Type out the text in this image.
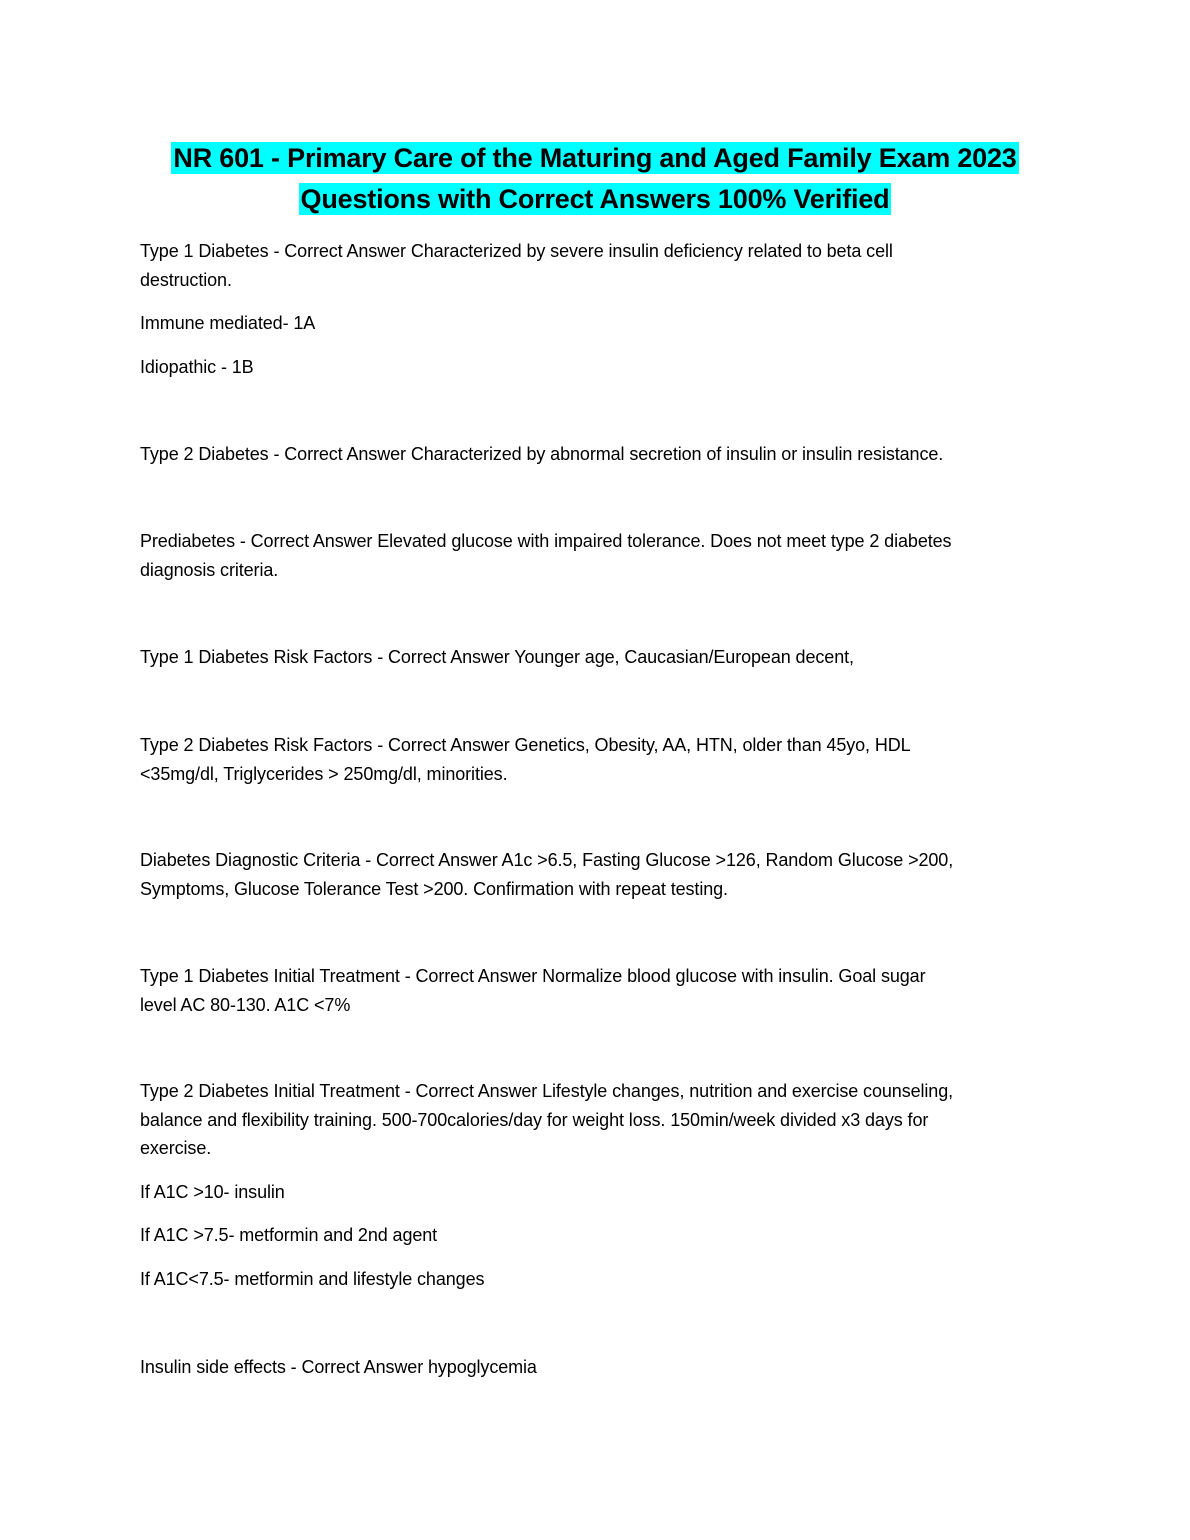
NR 601 - Primary Care of the Maturing and Aged Family Exam 2023
Questions with Correct Answers 100% Verified
Type 1 Diabetes - Correct Answer Characterized by severe insulin deficiency related to beta cell
destruction.
Immune mediated- 1A
Idiopathic - 1B
Type 2 Diabetes - Correct Answer Characterized by abnormal secretion of insulin or insulin resistance.
Prediabetes - Correct Answer Elevated glucose with impaired tolerance. Does not meet type 2 diabetes
diagnosis criteria.
Type 1 Diabetes Risk Factors - Correct Answer Younger age, Caucasian/European decent,
Type 2 Diabetes Risk Factors - Correct Answer Genetics, Obesity, AA, HTN, older than 45yo, HDL
<35mg/dl, Triglycerides > 250mg/dl, minorities.
Diabetes Diagnostic Criteria - Correct Answer A1c >6.5, Fasting Glucose >126, Random Glucose >200,
Symptoms, Glucose Tolerance Test >200. Confirmation with repeat testing.
Type 1 Diabetes Initial Treatment - Correct Answer Normalize blood glucose with insulin. Goal sugar
level AC 80-130. A1C <7%
Type 2 Diabetes Initial Treatment - Correct Answer Lifestyle changes, nutrition and exercise counseling,
balance and flexibility training. 500-700calories/day for weight loss. 150min/week divided x3 days for
exercise.
If A1C >10- insulin
If A1C >7.5- metformin and 2nd agent
If A1C<7.5- metformin and lifestyle changes
Insulin side effects - Correct Answer hypoglycemia
